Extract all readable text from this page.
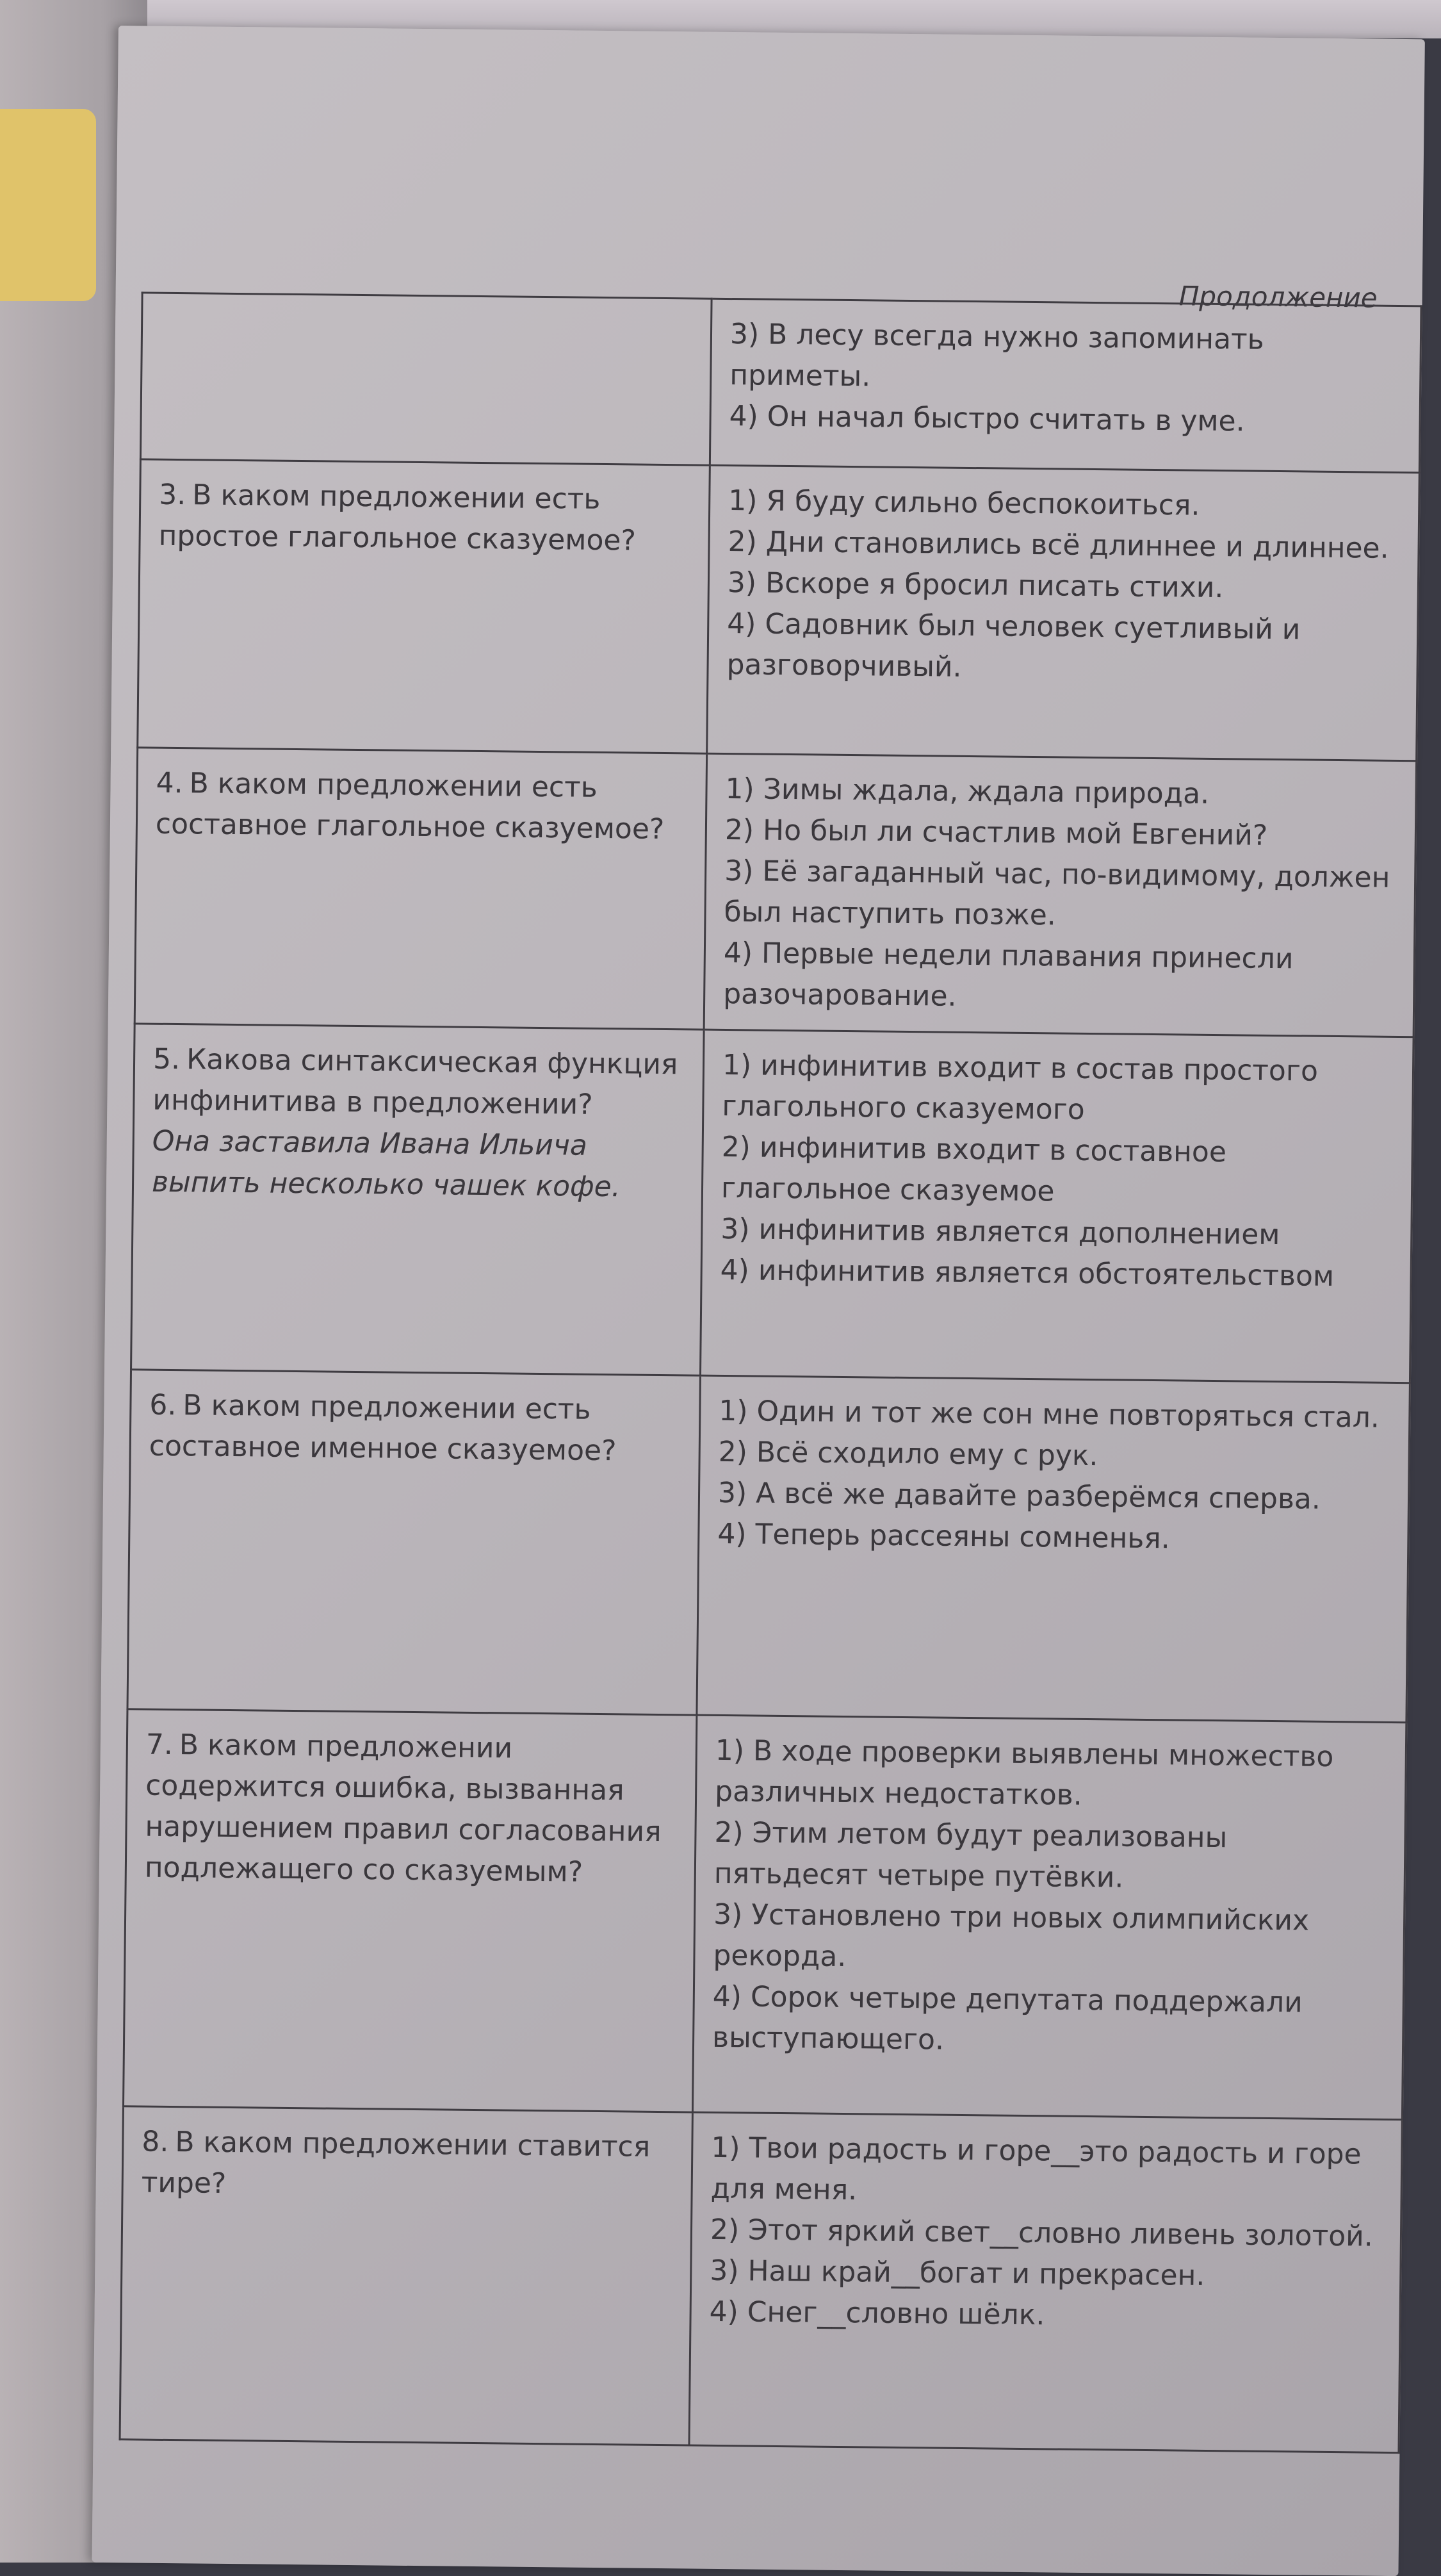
Продолжение

	3) В лесу всегда нужно запоминать приметы.
4) Он начал быстро считать в уме.

3. В каком предложении есть простое глагольное сказуемое?	1) Я буду сильно беспокоиться.
2) Дни становились всё длиннее и длиннее.
3) Вскоре я бросил писать стихи.
4) Садовник был человек суетливый и разговорчивый.

4. В каком предложении есть составное глагольное сказуемое?	1) Зимы ждала, ждала природа.
2) Но был ли счастлив мой Евгений?
3) Её загаданный час, по-видимому, должен был наступить позже.
4) Первые недели плавания принесли разочарование.

5. Какова синтаксическая функция инфинитива в предложении?
Она заставила Ивана Ильича выпить несколько чашек кофе.	1) инфинитив входит в состав простого глагольного сказуемого
2) инфинитив входит в составное глагольное сказуемое
3) инфинитив является дополнением
4) инфинитив является обстоятельством

6. В каком предложении есть составное именное сказуемое?	1) Один и тот же сон мне повторяться стал.
2) Всё сходило ему с рук.
3) А всё же давайте разберёмся сперва.
4) Теперь рассеяны сомненья.

7. В каком предложении содержится ошибка, вызванная нарушением правил согласования подлежащего со сказуемым?	1) В ходе проверки выявлены множество различных недостатков.
2) Этим летом будут реализованы пятьдесят четыре путёвки.
3) Установлено три новых олимпийских рекорда.
4) Сорок четыре депутата поддержали выступающего.

8. В каком предложении ставится тире?	1) Твои радость и горе__это радость и горе для меня.
2) Этот яркий свет__словно ливень золотой.
3) Наш край__богат и прекрасен.
4) Снег__словно шёлк.
